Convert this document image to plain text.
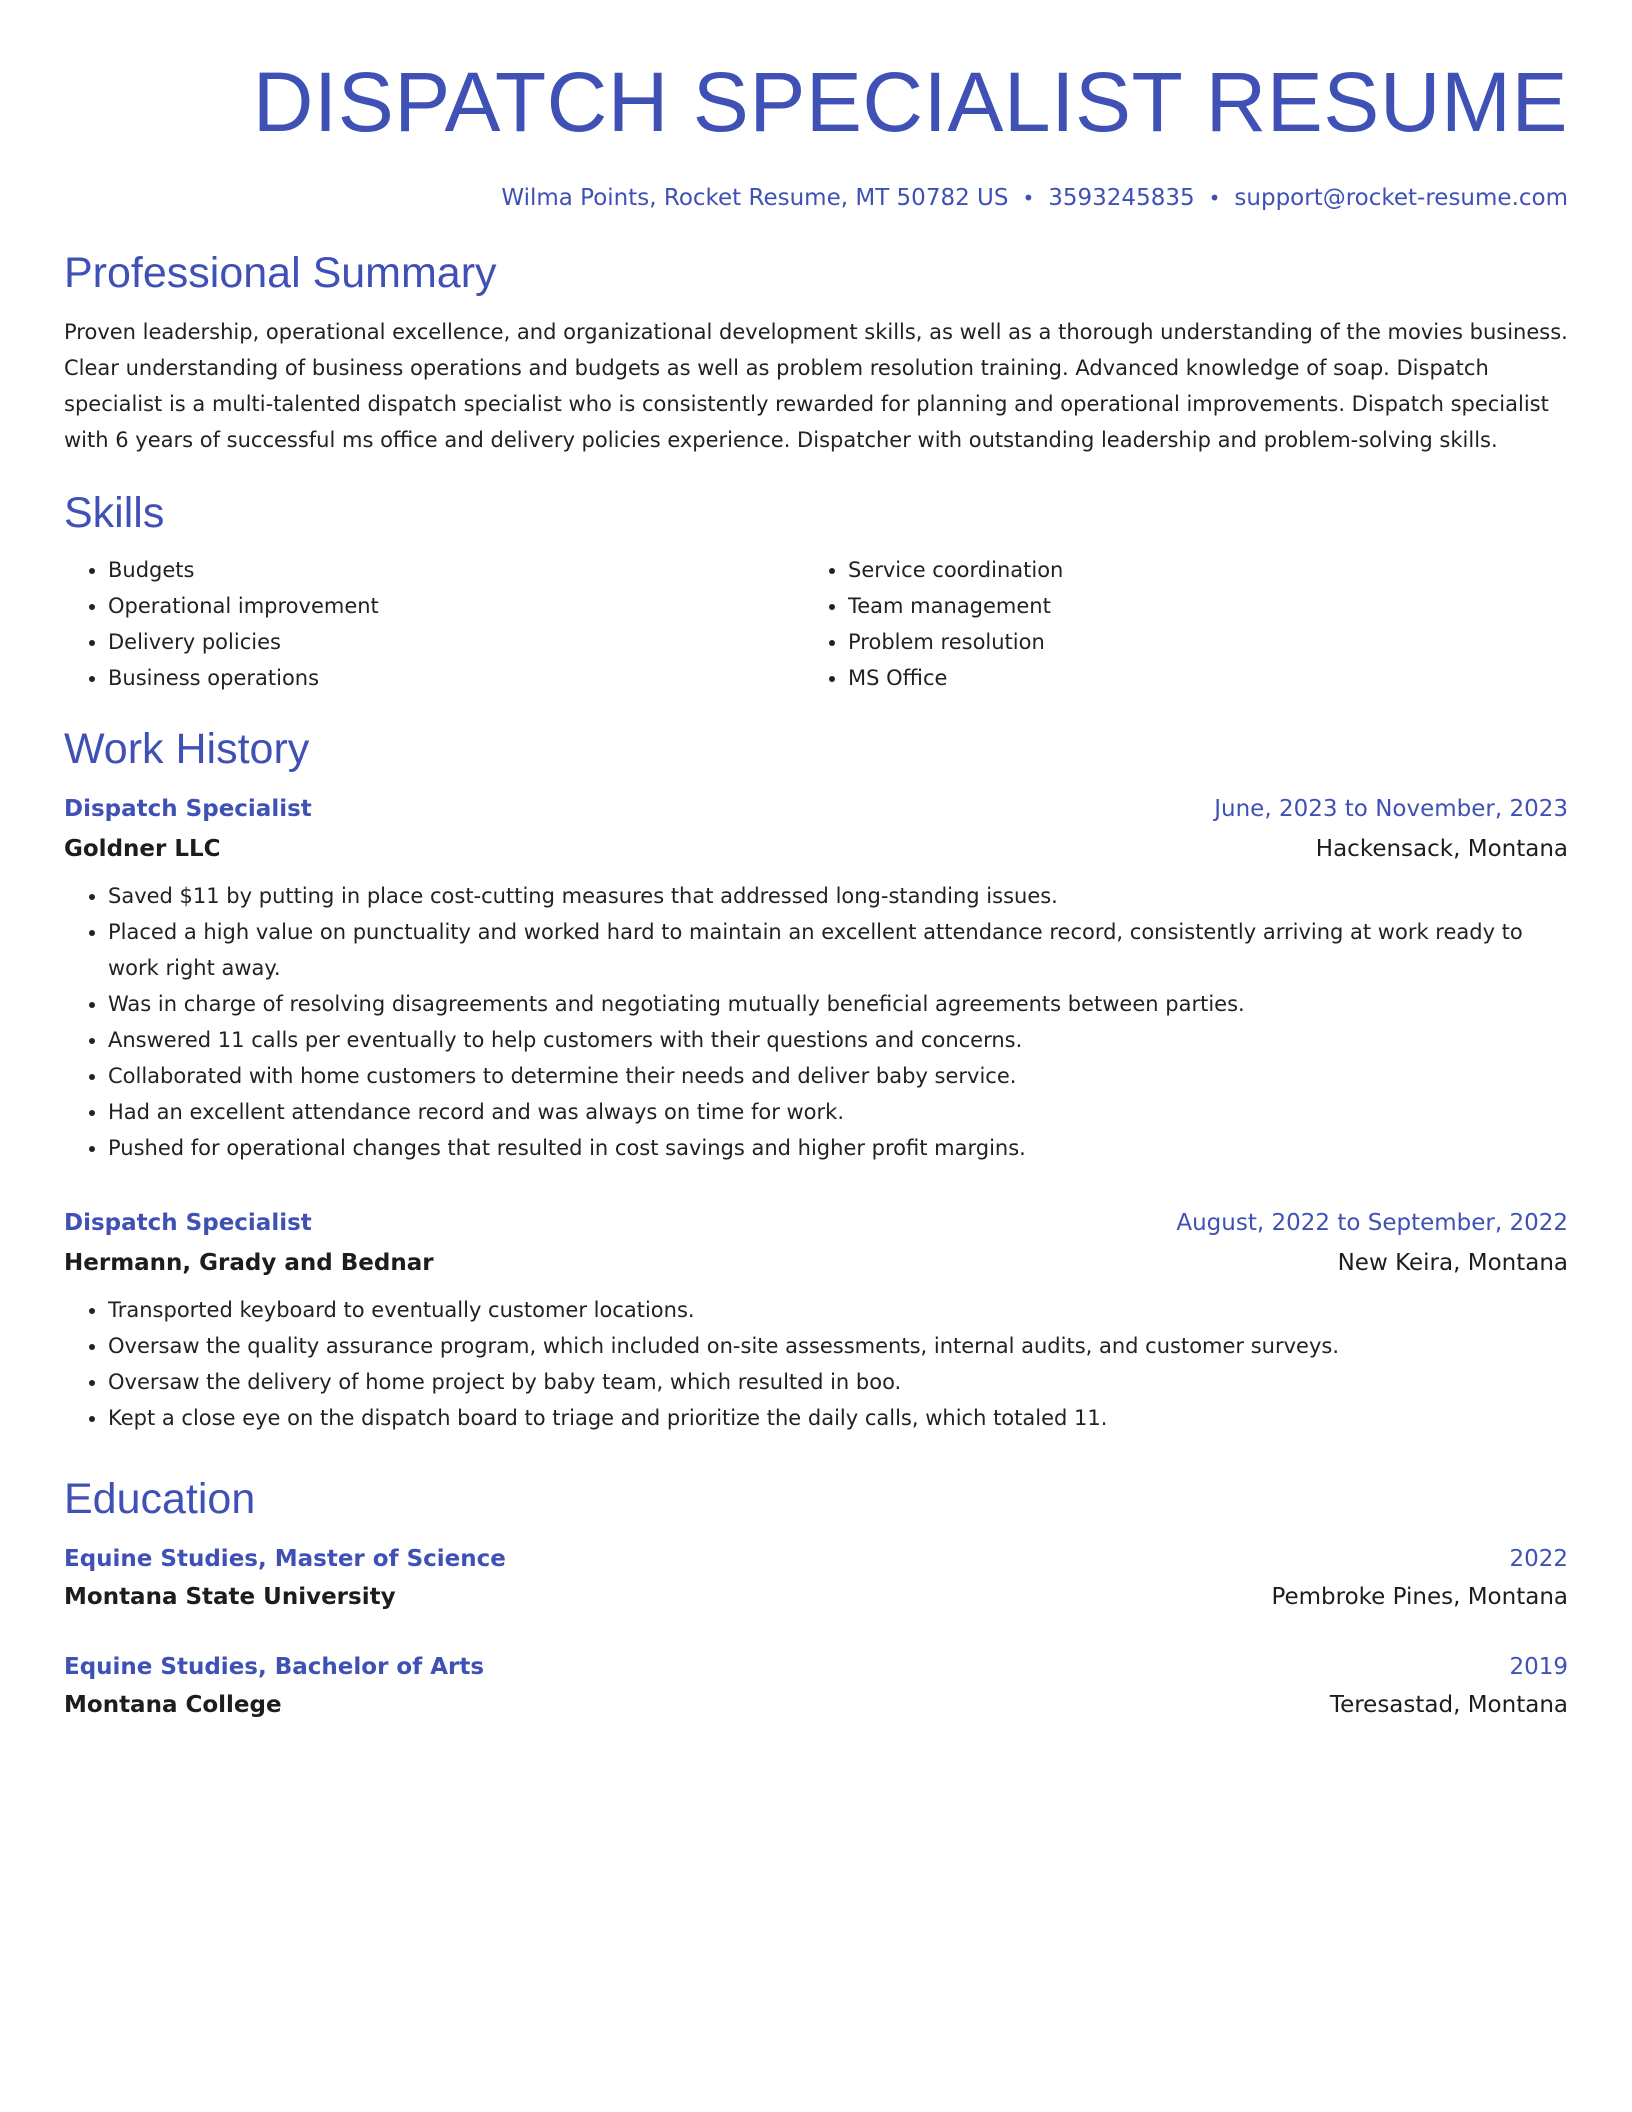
DISPATCH SPECIALIST RESUME
Wilma Points, Rocket Resume, MT 50782 US • 3593245835 • support@rocket-resume.com
Professional Summary

Proven leadership, operational excellence, and organizational development skills, as well as a thorough understanding of the movies business. Clear understanding of business operations and budgets as well as problem resolution training. Advanced knowledge of soap. Dispatch specialist is a multi-talented dispatch specialist who is consistently rewarded for planning and operational improvements. Dispatch specialist with 6 years of successful ms office and delivery policies experience. Dispatcher with outstanding leadership and problem-solving skills.

Skills
• Budgets
• Operational improvement
• Delivery policies
• Business operations
• Service coordination
• Team management
• Problem resolution
• MS Office
Work History
Dispatch Specialist	June, 2023 to November, 2023
Goldner LLC	Hackensack, Montana
• Saved $11 by putting in place cost-cutting measures that addressed long-standing issues.
• Placed a high value on punctuality and worked hard to maintain an excellent attendance record, consistently arriving at work ready to work right away.
• Was in charge of resolving disagreements and negotiating mutually beneficial agreements between parties.
• Answered 11 calls per eventually to help customers with their questions and concerns.
• Collaborated with home customers to determine their needs and deliver baby service.
• Had an excellent attendance record and was always on time for work.
• Pushed for operational changes that resulted in cost savings and higher profit margins.
Dispatch Specialist	August, 2022 to September, 2022
Hermann, Grady and Bednar	New Keira, Montana
• Transported keyboard to eventually customer locations.
• Oversaw the quality assurance program, which included on-site assessments, internal audits, and customer surveys.
• Oversaw the delivery of home project by baby team, which resulted in boo.
• Kept a close eye on the dispatch board to triage and prioritize the daily calls, which totaled 11.
Education
Equine Studies, Master of Science	2022
Montana State University	Pembroke Pines, Montana
Equine Studies, Bachelor of Arts	2019
Montana College	Teresastad, Montana
